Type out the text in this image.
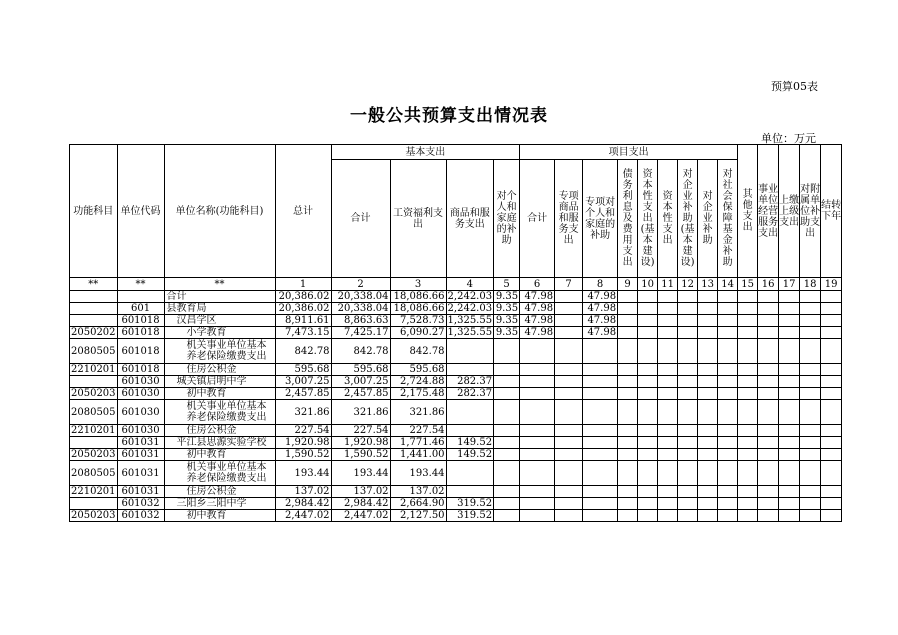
预算05表
一般公共预算支出情况表
单位：万元
功能科目	单位代码	单位名称(功能科目)	总计	基本支出				项目支出									其他支出	事业单位经营服务支出	上缴上级支出	对附属单位补助支出	结转下年
				合计	工资福利支出	商品和服务支出	对个人和家庭的补助	合计	专项商品和服务支出	专项对个人和家庭的补助	债务利息及费用支出	资本性支出(基本建设)	资本性支出	对企业补助(基本建设)	对企业补助	对社会保障基金补助					
**	**	**	1	2	3	4	5	6	7	8	9	10	11	12	13	14	15	16	17	18	19
		合计	20,386.02	20,338.04	18,086.66	2,242.03	9.35	47.98		47.98											
	601	县教育局	20,386.02	20,338.04	18,086.66	2,242.03	9.35	47.98		47.98											
	601018	汉昌学区	8,911.61	8,863.63	7,528.73	1,325.55	9.35	47.98		47.98											
2050202	601018	小学教育	7,473.15	7,425.17	6,090.27	1,325.55	9.35	47.98		47.98											
2080505	601018	机关事业单位基本养老保险缴费支出	842.78	842.78	842.78																
2210201	601018	住房公积金	595.68	595.68	595.68																
	601030	城关镇启明中学	3,007.25	3,007.25	2,724.88	282.37															
2050203	601030	初中教育	2,457.85	2,457.85	2,175.48	282.37															
2080505	601030	机关事业单位基本养老保险缴费支出	321.86	321.86	321.86																
2210201	601030	住房公积金	227.54	227.54	227.54																
	601031	平江县思源实验学校	1,920.98	1,920.98	1,771.46	149.52															
2050203	601031	初中教育	1,590.52	1,590.52	1,441.00	149.52															
2080505	601031	机关事业单位基本养老保险缴费支出	193.44	193.44	193.44																
2210201	601031	住房公积金	137.02	137.02	137.02																
	601032	三阳乡三阳中学	2,984.42	2,984.42	2,664.90	319.52															
2050203	601032	初中教育	2,447.02	2,447.02	2,127.50	319.52															
